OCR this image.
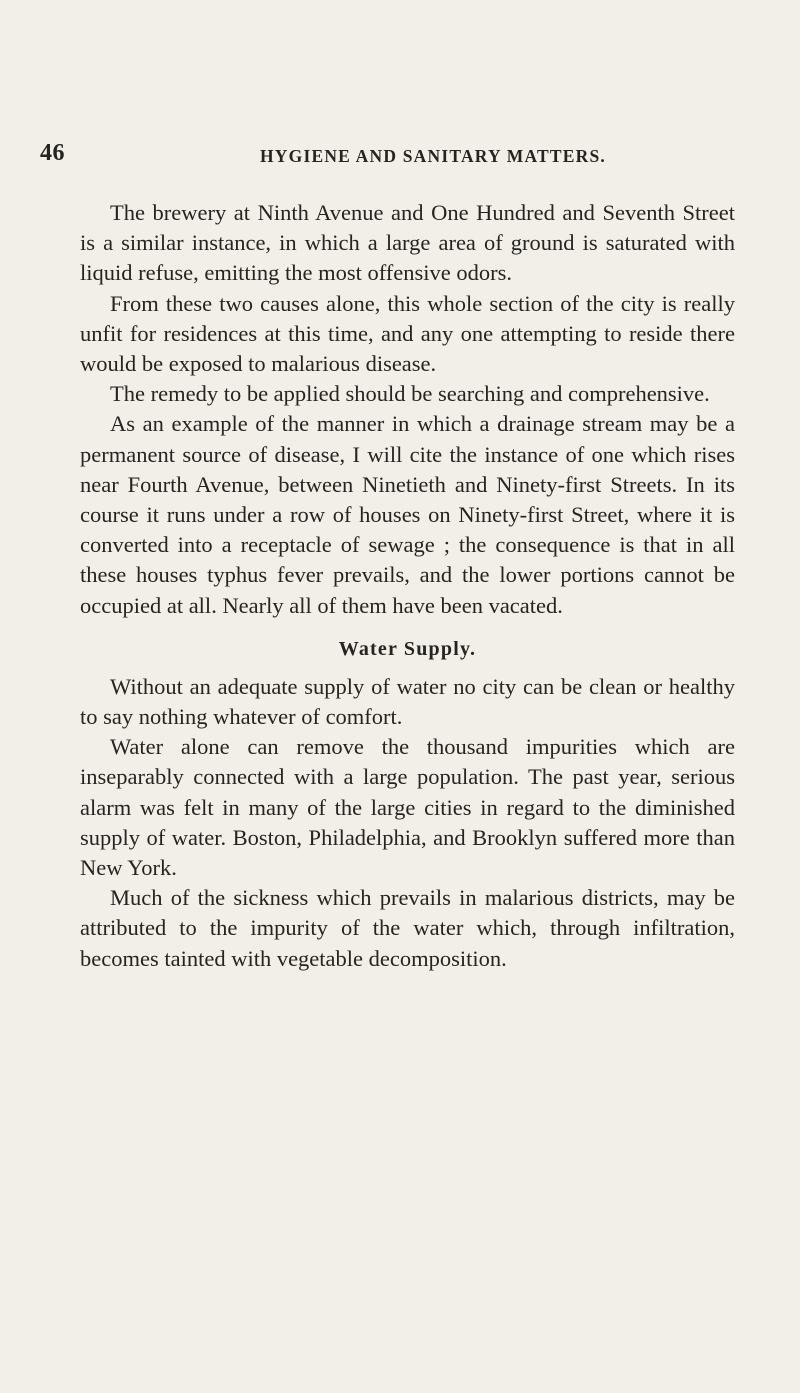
46	HYGIENE AND SANITARY MATTERS.

The brewery at Ninth Avenue and One Hundred and Seventh Street is a similar instance, in which a large area of ground is saturated with liquid refuse, emitting the most offensive odors.

From these two causes alone, this whole section of the city is really unfit for residences at this time, and any one attempting to reside there would be exposed to malarious disease.

The remedy to be applied should be searching and comprehensive.

As an example of the manner in which a drainage stream may be a permanent source of disease, I will cite the instance of one which rises near Fourth Avenue, between Ninetieth and Ninety-first Streets. In its course it runs under a row of houses on Ninety-first Street, where it is converted into a receptacle of sewage ; the consequence is that in all these houses typhus fever prevails, and the lower portions cannot be occupied at all. Nearly all of them have been vacated.

Water Supply.

Without an adequate supply of water no city can be clean or healthy to say nothing whatever of comfort.

Water alone can remove the thousand impurities which are inseparably connected with a large population. The past year, serious alarm was felt in many of the large cities in regard to the diminished supply of water. Boston, Philadelphia, and Brooklyn suffered more than New York.

Much of the sickness which prevails in malarious districts, may be attributed to the impurity of the water which, through infiltration, becomes tainted with vegetable decomposition.
